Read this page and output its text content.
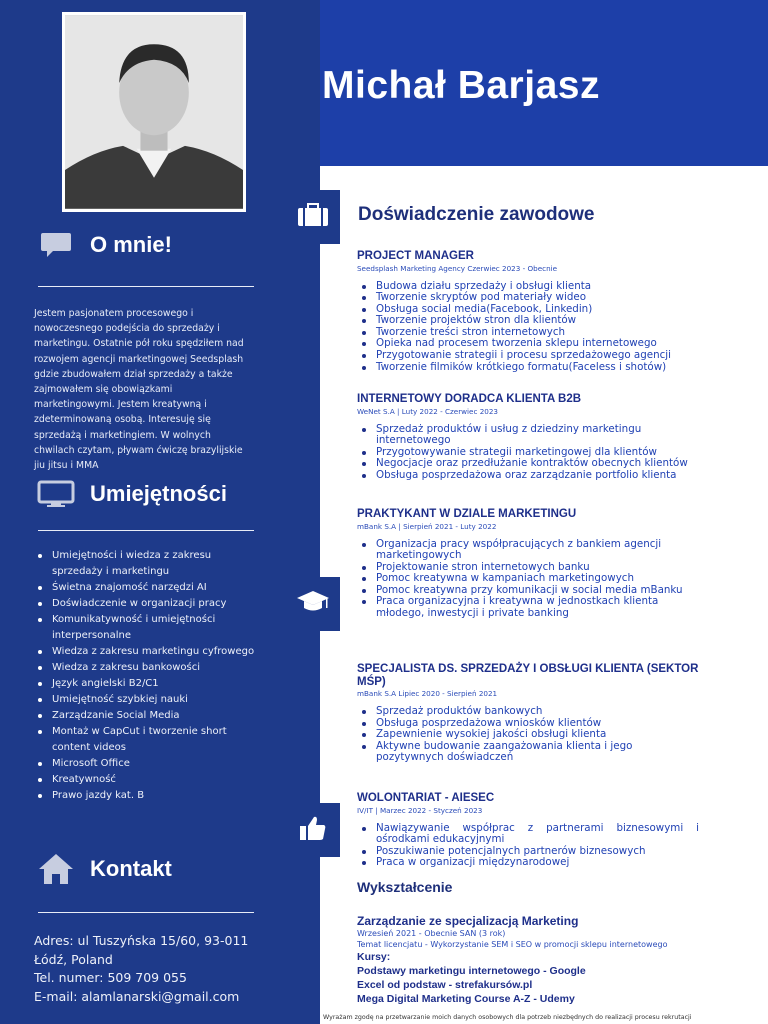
O mnie!

Jestem pasjonatem procesowego i nowoczesnego podejścia do sprzedaży i marketingu. Ostatnie pół roku spędziłem nad rozwojem agencji marketingowej Seedsplash gdzie zbudowałem dział sprzedaży a także zajmowałem się obowiązkami marketingowymi. Jestem kreatywną i zdeterminowaną osobą. Interesuję się sprzedażą i marketingiem. W wolnych chwilach czytam, pływam ćwiczę brazylijskie jiu jitsu i MMA

Umiejętności
Umiejętności i wiedza z zakresu sprzedaży i marketingu
Świetna znajomość narzędzi AI
Doświadczenie w organizacji pracy
Komunikatywność i umiejętności interpersonalne
Wiedza z zakresu marketingu cyfrowego
Wiedza z zakresu bankowości
Język angielski B2/C1
Umiejętność szybkiej nauki
Zarządzanie Social Media
Montaż w CapCut i tworzenie short content videos
Microsoft Office
Kreatywność
Prawo jazdy kat. B
Kontakt
Adres: ul Tuszyńska 15/60, 93-011
Łódź, Poland
Tel. numer: 509 709 055
E-mail: alamlanarski@gmail.com
Michał Barjasz
Doświadczenie zawodowe
PROJECT MANAGER
Seedsplash Marketing Agency Czerwiec 2023 - Obecnie
Budowa działu sprzedaży i obsługi klienta
Tworzenie skryptów pod materiały wideo
Obsługa social media(Facebook, Linkedin)
Tworzenie projektów stron dla klientów
Tworzenie treści stron internetowych
Opieka nad procesem tworzenia sklepu internetowego
Przygotowanie strategii i procesu sprzedażowego agencji
Tworzenie filmików krótkiego formatu(Faceless i shotów)
INTERNETOWY DORADCA KLIENTA B2B
WeNet S.A | Luty 2022 - Czerwiec 2023
Sprzedaż produktów i usług z dziedziny marketingu internetowego
Przygotowywanie strategii marketingowej dla klientów
Negocjacje oraz przedłużanie kontraktów obecnych klientów
Obsługa posprzedażowa oraz zarządzanie portfolio klienta
PRAKTYKANT W DZIALE MARKETINGU
mBank S.A | Sierpień 2021 - Luty 2022
Organizacja pracy współpracujących z bankiem agencji marketingowych
Projektowanie stron internetowych banku
Pomoc kreatywna w kampaniach marketingowych
Pomoc kreatywna przy komunikacji w social media mBanku
Praca organizacyjna i kreatywna w jednostkach klienta młodego, inwestycji i private banking
SPECJALISTA DS. SPRZEDAŻY I OBSŁUGI KLIENTA (SEKTOR MŚP)
mBank S.A Lipiec 2020 - Sierpień 2021
Sprzedaż produktów bankowych
Obsługa posprzedażowa wniosków klientów
Zapewnienie wysokiej jakości obsługi klienta
Aktywne budowanie zaangażowania klienta i jego pozytywnych doświadczeń
WOLONTARIAT - AIESEC
IV/IT | Marzec 2022 - Styczeń 2023
Nawiązywanie współprac z partnerami biznesowymi i ośrodkami edukacyjnymi
Poszukiwanie potencjalnych partnerów biznesowych
Praca w organizacji międzynarodowej
Wykształcenie
Zarządzanie ze specjalizacją Marketing
Wrzesień 2021 - Obecnie SAN (3 rok)
Temat licencjatu - Wykorzystanie SEM i SEO w promocji sklepu internetowego
Kursy:
Podstawy marketingu internetowego - Google
Excel od podstaw - strefakursów.pl
Mega Digital Marketing Course A-Z - Udemy
Wyrażam zgodę na przetwarzanie moich danych osobowych dla potrzeb niezbędnych do realizacji procesu rekrutacji
